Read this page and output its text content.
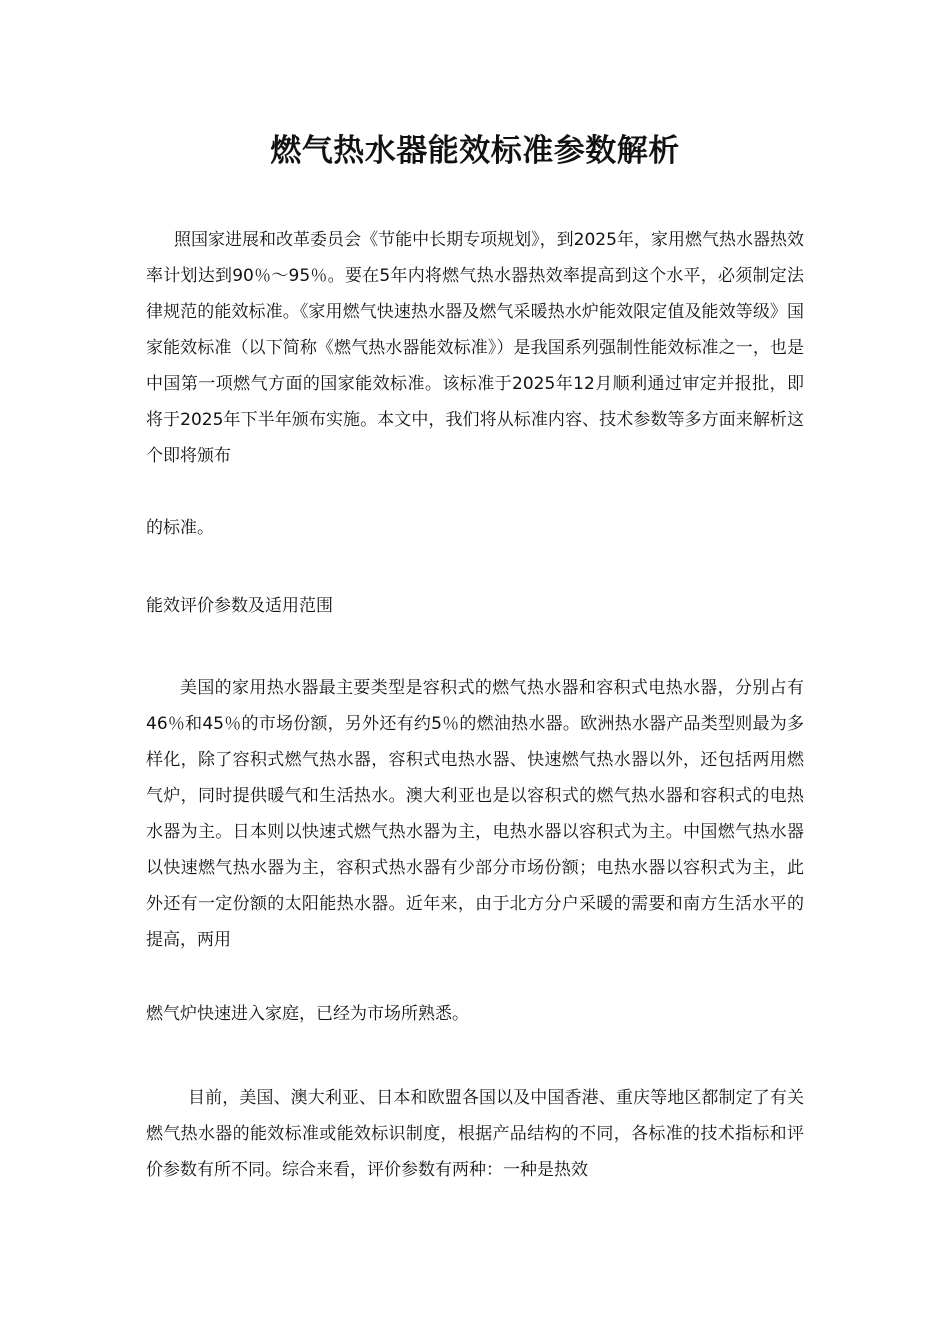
燃气热水器能效标准参数解析

照国家进展和改革委员会《节能中长期专项规划》，到2025年，家用燃气热水器热效率计划达到90％～95％。要在5年内将燃气热水器热效率提高到这个水平，必须制定法律规范的能效标准。《家用燃气快速热水器及燃气采暖热水炉能效限定值及能效等级》国家能效标准（以下简称《燃气热水器能效标准》）是我国系列强制性能效标准之一，也是中国第一项燃气方面的国家能效标准。该标准于2025年12月顺利通过审定并报批，即将于2025年下半年颁布实施。本文中，我们将从标准内容、技术参数等多方面来解析这个即将颁布

的标准。

能效评价参数及适用范围

美国的家用热水器最主要类型是容积式的燃气热水器和容积式电热水器，分别占有46％和45％的市场份额，另外还有约5％的燃油热水器。欧洲热水器产品类型则最为多样化，除了容积式燃气热水器，容积式电热水器、快速燃气热水器以外，还包括两用燃气炉，同时提供暖气和生活热水。澳大利亚也是以容积式的燃气热水器和容积式的电热水器为主。日本则以快速式燃气热水器为主，电热水器以容积式为主。中国燃气热水器以快速燃气热水器为主，容积式热水器有少部分市场份额；电热水器以容积式为主，此外还有一定份额的太阳能热水器。近年来，由于北方分户采暖的需要和南方生活水平的提高，两用

燃气炉快速进入家庭，已经为市场所熟悉。

目前，美国、澳大利亚、日本和欧盟各国以及中国香港、重庆等地区都制定了有关燃气热水器的能效标准或能效标识制度，根据产品结构的不同，各标准的技术指标和评价参数有所不同。综合来看，评价参数有两种：一种是热效
